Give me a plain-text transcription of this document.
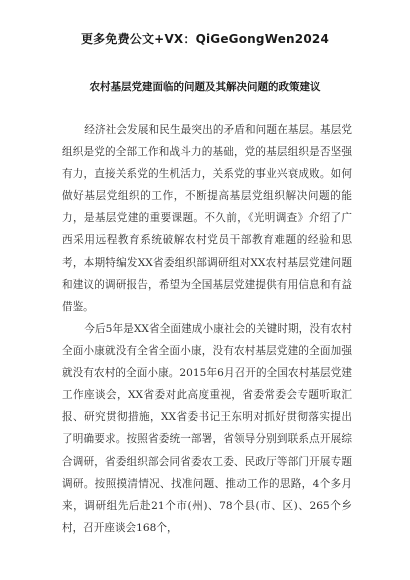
更多免费公文+VX：QiGeGongWen2024
农村基层党建面临的问题及其解决问题的政策建议

经济社会发展和民生最突出的矛盾和问题在基层。基层党组织是党的全部工作和战斗力的基础，党的基层组织是否坚强有力，直接关系党的生机活力，关系党的事业兴衰成败。如何做好基层党组织的工作，不断提高基层党组织解决问题的能力，是基层党建的重要课题。不久前，《光明调查》介绍了广西采用远程教育系统破解农村党员干部教育难题的经验和思考，本期特编发XX省委组织部调研组对XX农村基层党建问题和建议的调研报告，希望为全国基层党建提供有用信息和有益借鉴。

今后5年是XX省全面建成小康社会的关键时期，没有农村全面小康就没有全省全面小康，没有农村基层党建的全面加强就没有农村的全面小康。2015年6月召开的全国农村基层党建工作座谈会，XX省委对此高度重视，省委常委会专题听取汇报、研究贯彻措施，XX省委书记王东明对抓好贯彻落实提出了明确要求。按照省委统一部署，省领导分别到联系点开展综合调研，省委组织部会同省委农工委、民政厅等部门开展专题调研。按照摸清情况、找准问题、推动工作的思路，4个多月来，调研组先后赴21个市(州)、78个县(市、区)、265个乡村，召开座谈会168个，
